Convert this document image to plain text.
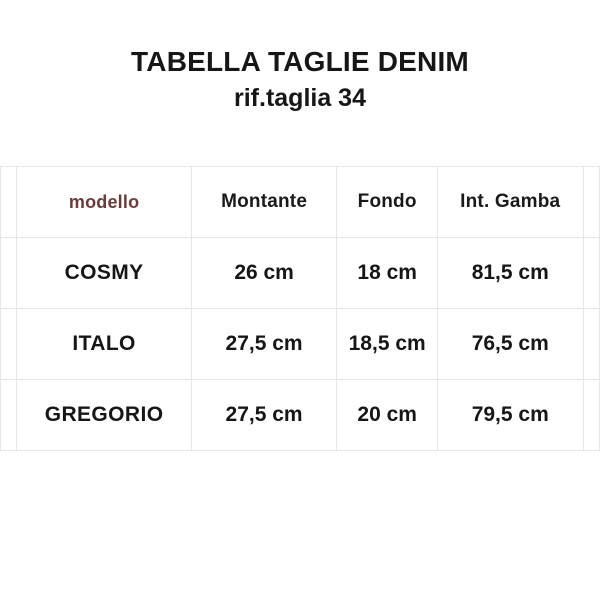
TABELLA TAGLIE DENIM
rif.taglia 34
	modello	Montante	Fondo	Int. Gamba	
	COSMY	26 cm	18 cm	81,5 cm	
	ITALO	27,5 cm	18,5 cm	76,5 cm	
	GREGORIO	27,5 cm	20 cm	79,5 cm	
